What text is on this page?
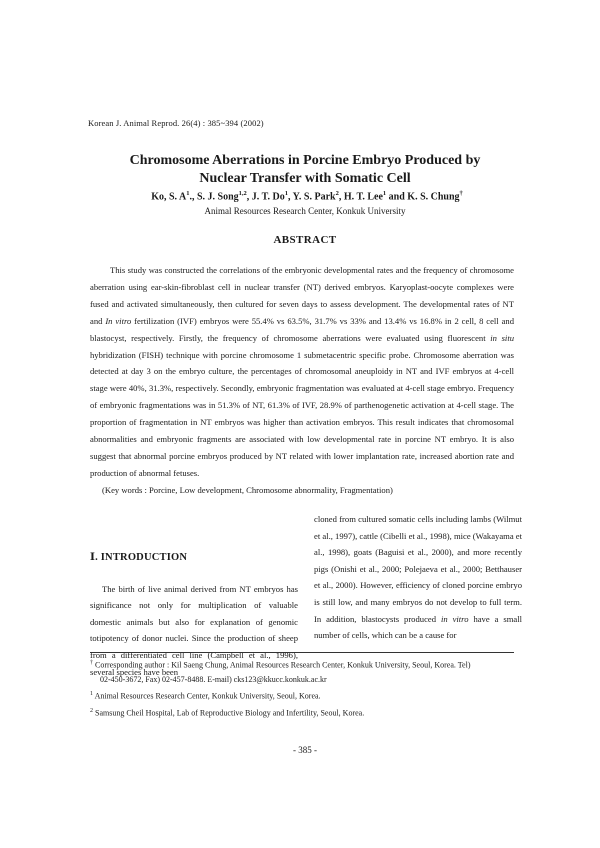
Korean J. Animal Reprod. 26(4) : 385~394 (2002)
Chromosome Aberrations in Porcine Embryo Produced by
Nuclear Transfer with Somatic Cell
Ko, S. $A^1$., S. J. Song$^{1,2}$, J. T. Do$^1$, Y. S. Park$^2$, H. T. Lee$^1$ and K. S. Chung†
Animal Resources Research Center, Konkuk University
ABSTRACT

This study was constructed the correlations of the embryonic developmental rates and the frequency of chromosome aberration using ear-skin-fibroblast cell in nuclear transfer (NT) derived embryos. Karyoplast-oocyte complexes were fused and activated simultaneously, then cultured for seven days to assess development. The developmental rates of NT and In vitro fertilization (IVF) embryos were 55.4% vs 63.5%, 31.7% vs 33% and 13.4% vs 16.8% in 2 cell, 8 cell and blastocyst, respectively. Firstly, the frequency of chromosome aberrations were evaluated using fluorescent in situ hybridization (FISH) technique with porcine chromosome 1 submetacentric specific probe. Chromosome aberration was detected at day 3 on the embryo culture, the percentages of chromosomal aneuploidy in NT and IVF embryos at 4-cell stage were 40%, 31.3%, respectively. Secondly, embryonic fragmentation was evaluated at 4-cell stage embryo. Frequency of embryonic fragmentations was in 51.3% of NT, 61.3% of IVF, 28.9% of parthenogenetic activation at 4-cell stage. The proportion of fragmentation in NT embryos was higher than activation embryos. This result indicates that chromosomal abnormalities and embryonic fragments are associated with low developmental rate in porcine NT embryo. It is also suggest that abnormal porcine embryos produced by NT related with lower implantation rate, increased abortion rate and production of abnormal fetuses.

(Key words : Porcine, Low development, Chromosome abnormality, Fragmentation)

Ⅰ. INTRODUCTION

The birth of live animal derived from NT embryos has significance not only for multiplication of valuable domestic animals but also for explanation of genomic totipotency of donor nuclei. Since the production of sheep from a differentiated cell line (Campbell et al., 1996), several species have been

cloned from cultured somatic cells including lambs (Wilmut et al., 1997), cattle (Cibelli et al., 1998), mice (Wakayama et al., 1998), goats (Baguisi et al., 2000), and more recently pigs (Onishi et al., 2000; Polejaeva et al., 2000; Betthauser et al., 2000). However, efficiency of cloned porcine embryo is still low, and many embryos do not develop to full term. In addition, blastocysts produced in vitro have a small number of cells, which can be a cause for

† Corresponding author : Kil Saeng Chung, Animal Resources Research Center, Konkuk University, Seoul, Korea. Tel)
02-450-3672, Fax) 02-457-8488. E-mail) cks123@kkucc.konkuk.ac.kr
$^1$ Animal Resources Research Center, Konkuk University, Seoul, Korea.
$^2$ Samsung Cheil Hospital, Lab of Reproductive Biology and Infertility, Seoul, Korea.
- 385 -
